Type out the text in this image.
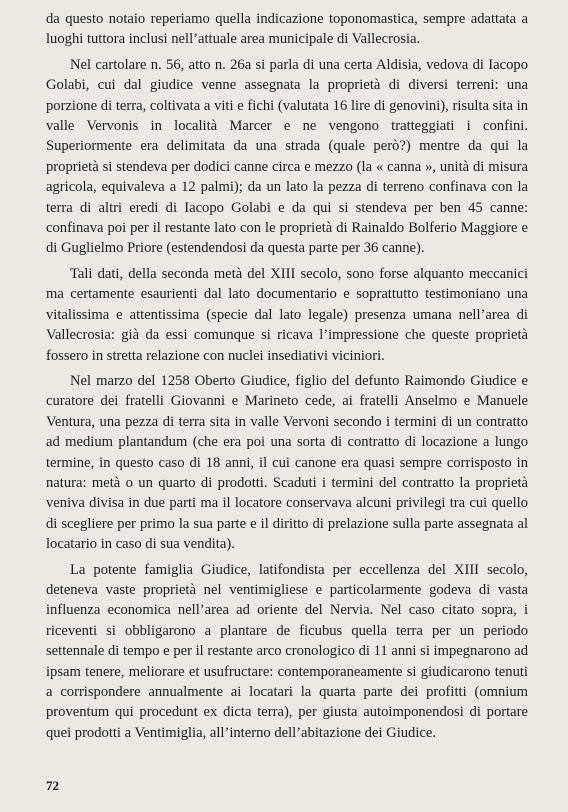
da questo notaio reperiamo quella indicazione toponomastica, sempre adattata a luoghi tuttora inclusi nell’attuale area municipale di Vallecrosia.

Nel cartolare n. 56, atto n. 26a si parla di una certa Aldisia, vedova di Iacopo Golabi, cui dal giudice venne assegnata la proprietà di diversi terreni: una porzione di terra, coltivata a viti e fichi (valutata 16 lire di genovini), risulta sita in valle Vervonis in località Marcer e ne vengono tratteggiati i confini. Superiormente era delimitata da una strada (quale però?) mentre da qui la proprietà si stendeva per dodici canne circa e mezzo (la « canna », unità di misura agricola, equivaleva a 12 palmi); da un lato la pezza di terreno confinava con la terra di altri eredi di Iacopo Golabi e da qui si stendeva per ben 45 canne: confinava poi per il restante lato con le proprietà di Rainaldo Bolferio Maggiore e di Guglielmo Priore (estendendosi da questa parte per 36 canne).

Tali dati, della seconda metà del XIII secolo, sono forse alquanto meccanici ma certamente esaurienti dal lato documentario e soprattutto testimoniano una vitalissima e attentissima (specie dal lato legale) presenza umana nell’area di Vallecrosia: già da essi comunque si ricava l’impressione che queste proprietà fossero in stretta relazione con nuclei insediativi viciniori.

Nel marzo del 1258 Oberto Giudice, figlio del defunto Raimondo Giudice e curatore dei fratelli Giovanni e Marineto cede, ai fratelli Anselmo e Manuele Ventura, una pezza di terra sita in valle Vervoni secondo i termini di un contratto ad medium plantandum (che era poi una sorta di contratto di locazione a lungo termine, in questo caso di 18 anni, il cui canone era quasi sempre corrisposto in natura: metà o un quarto di prodotti. Scaduti i termini del contratto la proprietà veniva divisa in due parti ma il locatore conservava alcuni privilegi tra cui quello di scegliere per primo la sua parte e il diritto di prelazione sulla parte assegnata al locatario in caso di sua vendita).

La potente famiglia Giudice, latifondista per eccellenza del XIII secolo, deteneva vaste proprietà nel ventimigliese e particolarmente godeva di vasta influenza economica nell’area ad oriente del Nervia. Nel caso citato sopra, i riceventi si obbligarono a plantare de ficubus quella terra per un periodo settennale di tempo e per il restante arco cronologico di 11 anni si impegnarono ad ipsam tenere, meliorare et usufructare: contemporaneamente si giudicarono tenuti a corrispondere annualmente ai locatari la quarta parte dei profitti (omnium proventum qui procedunt ex dicta terra), per giusta autoimponendosi di portare quei prodotti a Ventimiglia, all’interno dell’abitazione dei Giudice.

72
